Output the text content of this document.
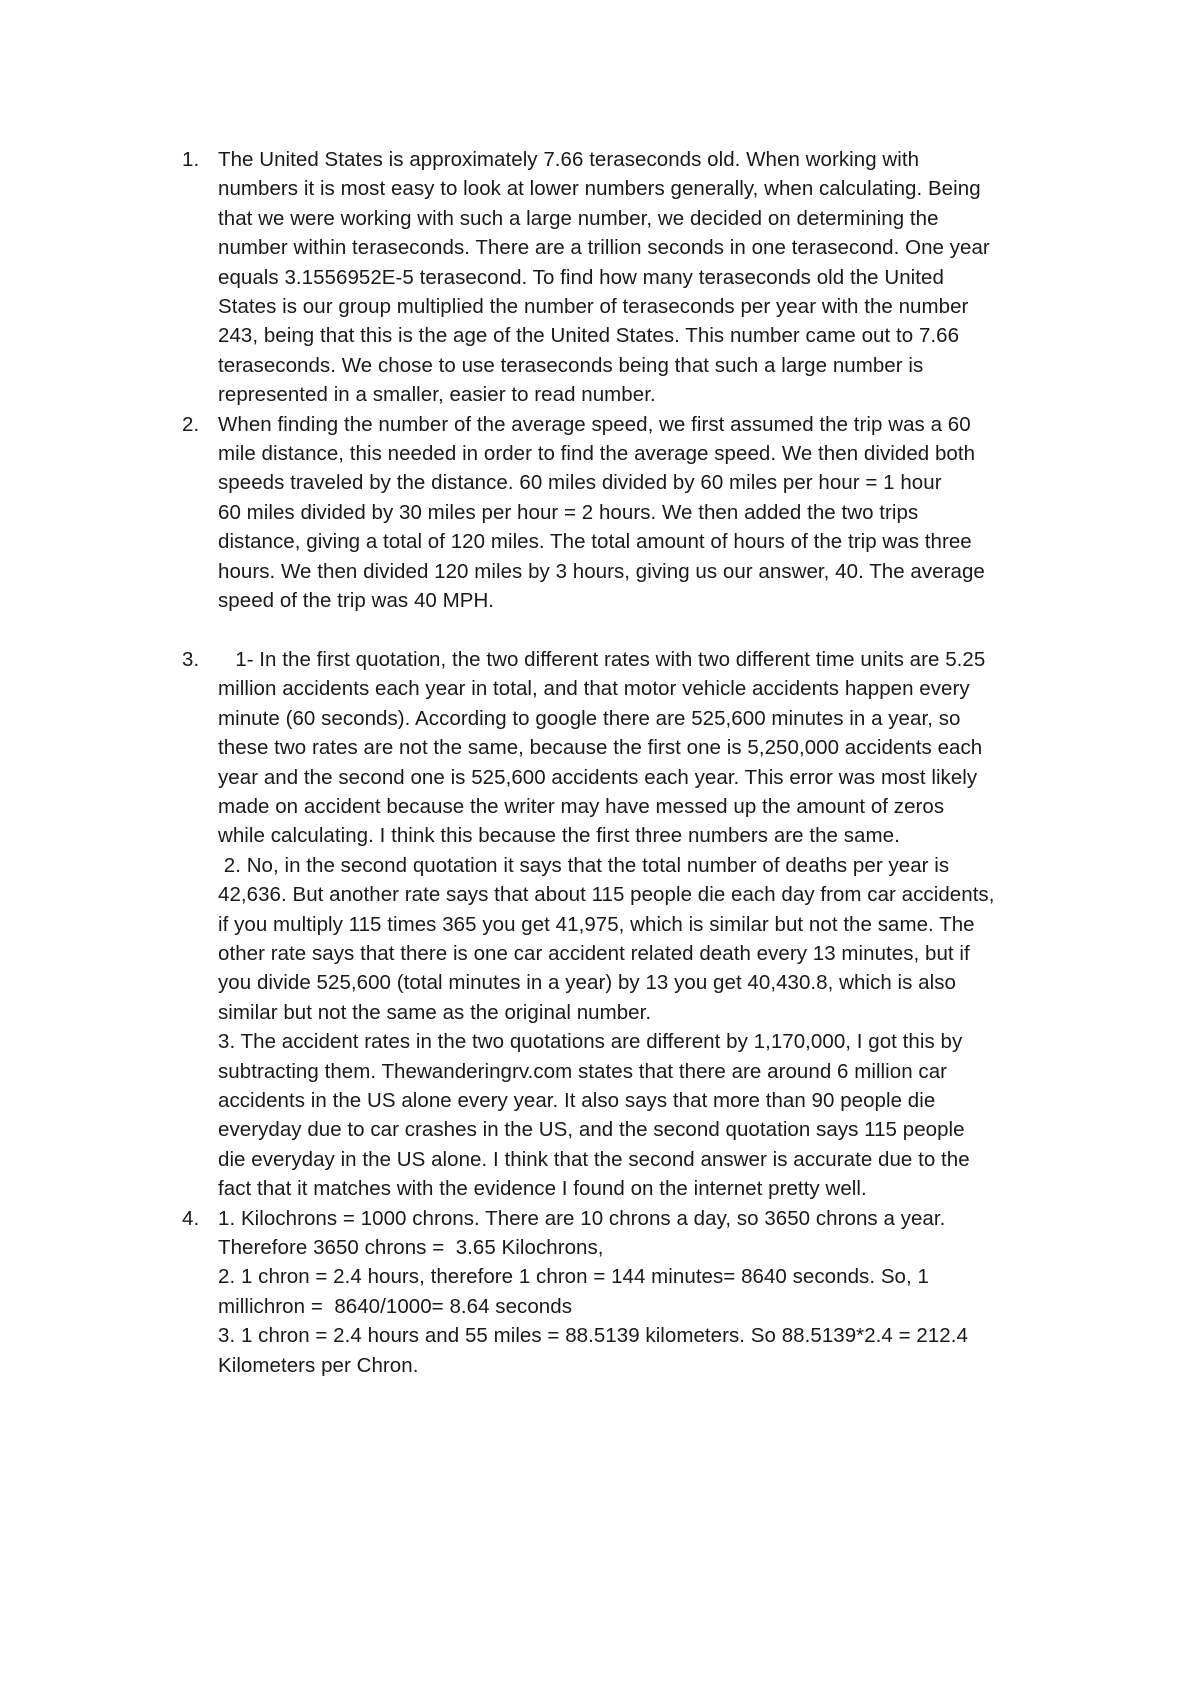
1. The United States is approximately 7.66 teraseconds old. When working with
numbers it is most easy to look at lower numbers generally, when calculating. Being
that we were working with such a large number, we decided on determining the
number within teraseconds. There are a trillion seconds in one terasecond. One year
equals 3.1556952E-5 terasecond. To find how many teraseconds old the United
States is our group multiplied the number of teraseconds per year with the number
243, being that this is the age of the United States. This number came out to 7.66
teraseconds. We chose to use teraseconds being that such a large number is
represented in a smaller, easier to read number.
2. When finding the number of the average speed, we first assumed the trip was a 60
mile distance, this needed in order to find the average speed. We then divided both
speeds traveled by the distance. 60 miles divided by 60 miles per hour = 1 hour
60 miles divided by 30 miles per hour = 2 hours. We then added the two trips
distance, giving a total of 120 miles. The total amount of hours of the trip was three
hours. We then divided 120 miles by 3 hours, giving us our answer, 40. The average
speed of the trip was 40 MPH.
3. 1- In the first quotation, the two different rates with two different time units are 5.25
million accidents each year in total, and that motor vehicle accidents happen every
minute (60 seconds). According to google there are 525,600 minutes in a year, so
these two rates are not the same, because the first one is 5,250,000 accidents each
year and the second one is 525,600 accidents each year. This error was most likely
made on accident because the writer may have messed up the amount of zeros
while calculating. I think this because the first three numbers are the same.
2. No, in the second quotation it says that the total number of deaths per year is
42,636. But another rate says that about 115 people die each day from car accidents,
if you multiply 115 times 365 you get 41,975, which is similar but not the same. The
other rate says that there is one car accident related death every 13 minutes, but if
you divide 525,600 (total minutes in a year) by 13 you get 40,430.8, which is also
similar but not the same as the original number.
3. The accident rates in the two quotations are different by 1,170,000, I got this by
subtracting them. Thewanderingrv.com states that there are around 6 million car
accidents in the US alone every year. It also says that more than 90 people die
everyday due to car crashes in the US, and the second quotation says 115 people
die everyday in the US alone. I think that the second answer is accurate due to the
fact that it matches with the evidence I found on the internet pretty well.
4. 1. Kilochrons = 1000 chrons. There are 10 chrons a day, so 3650 chrons a year.
Therefore 3650 chrons =  3.65 Kilochrons,
2. 1 chron = 2.4 hours, therefore 1 chron = 144 minutes= 8640 seconds. So, 1
millichron =  8640/1000= 8.64 seconds
3. 1 chron = 2.4 hours and 55 miles = 88.5139 kilometers. So 88.5139*2.4 = 212.4
Kilometers per Chron.
